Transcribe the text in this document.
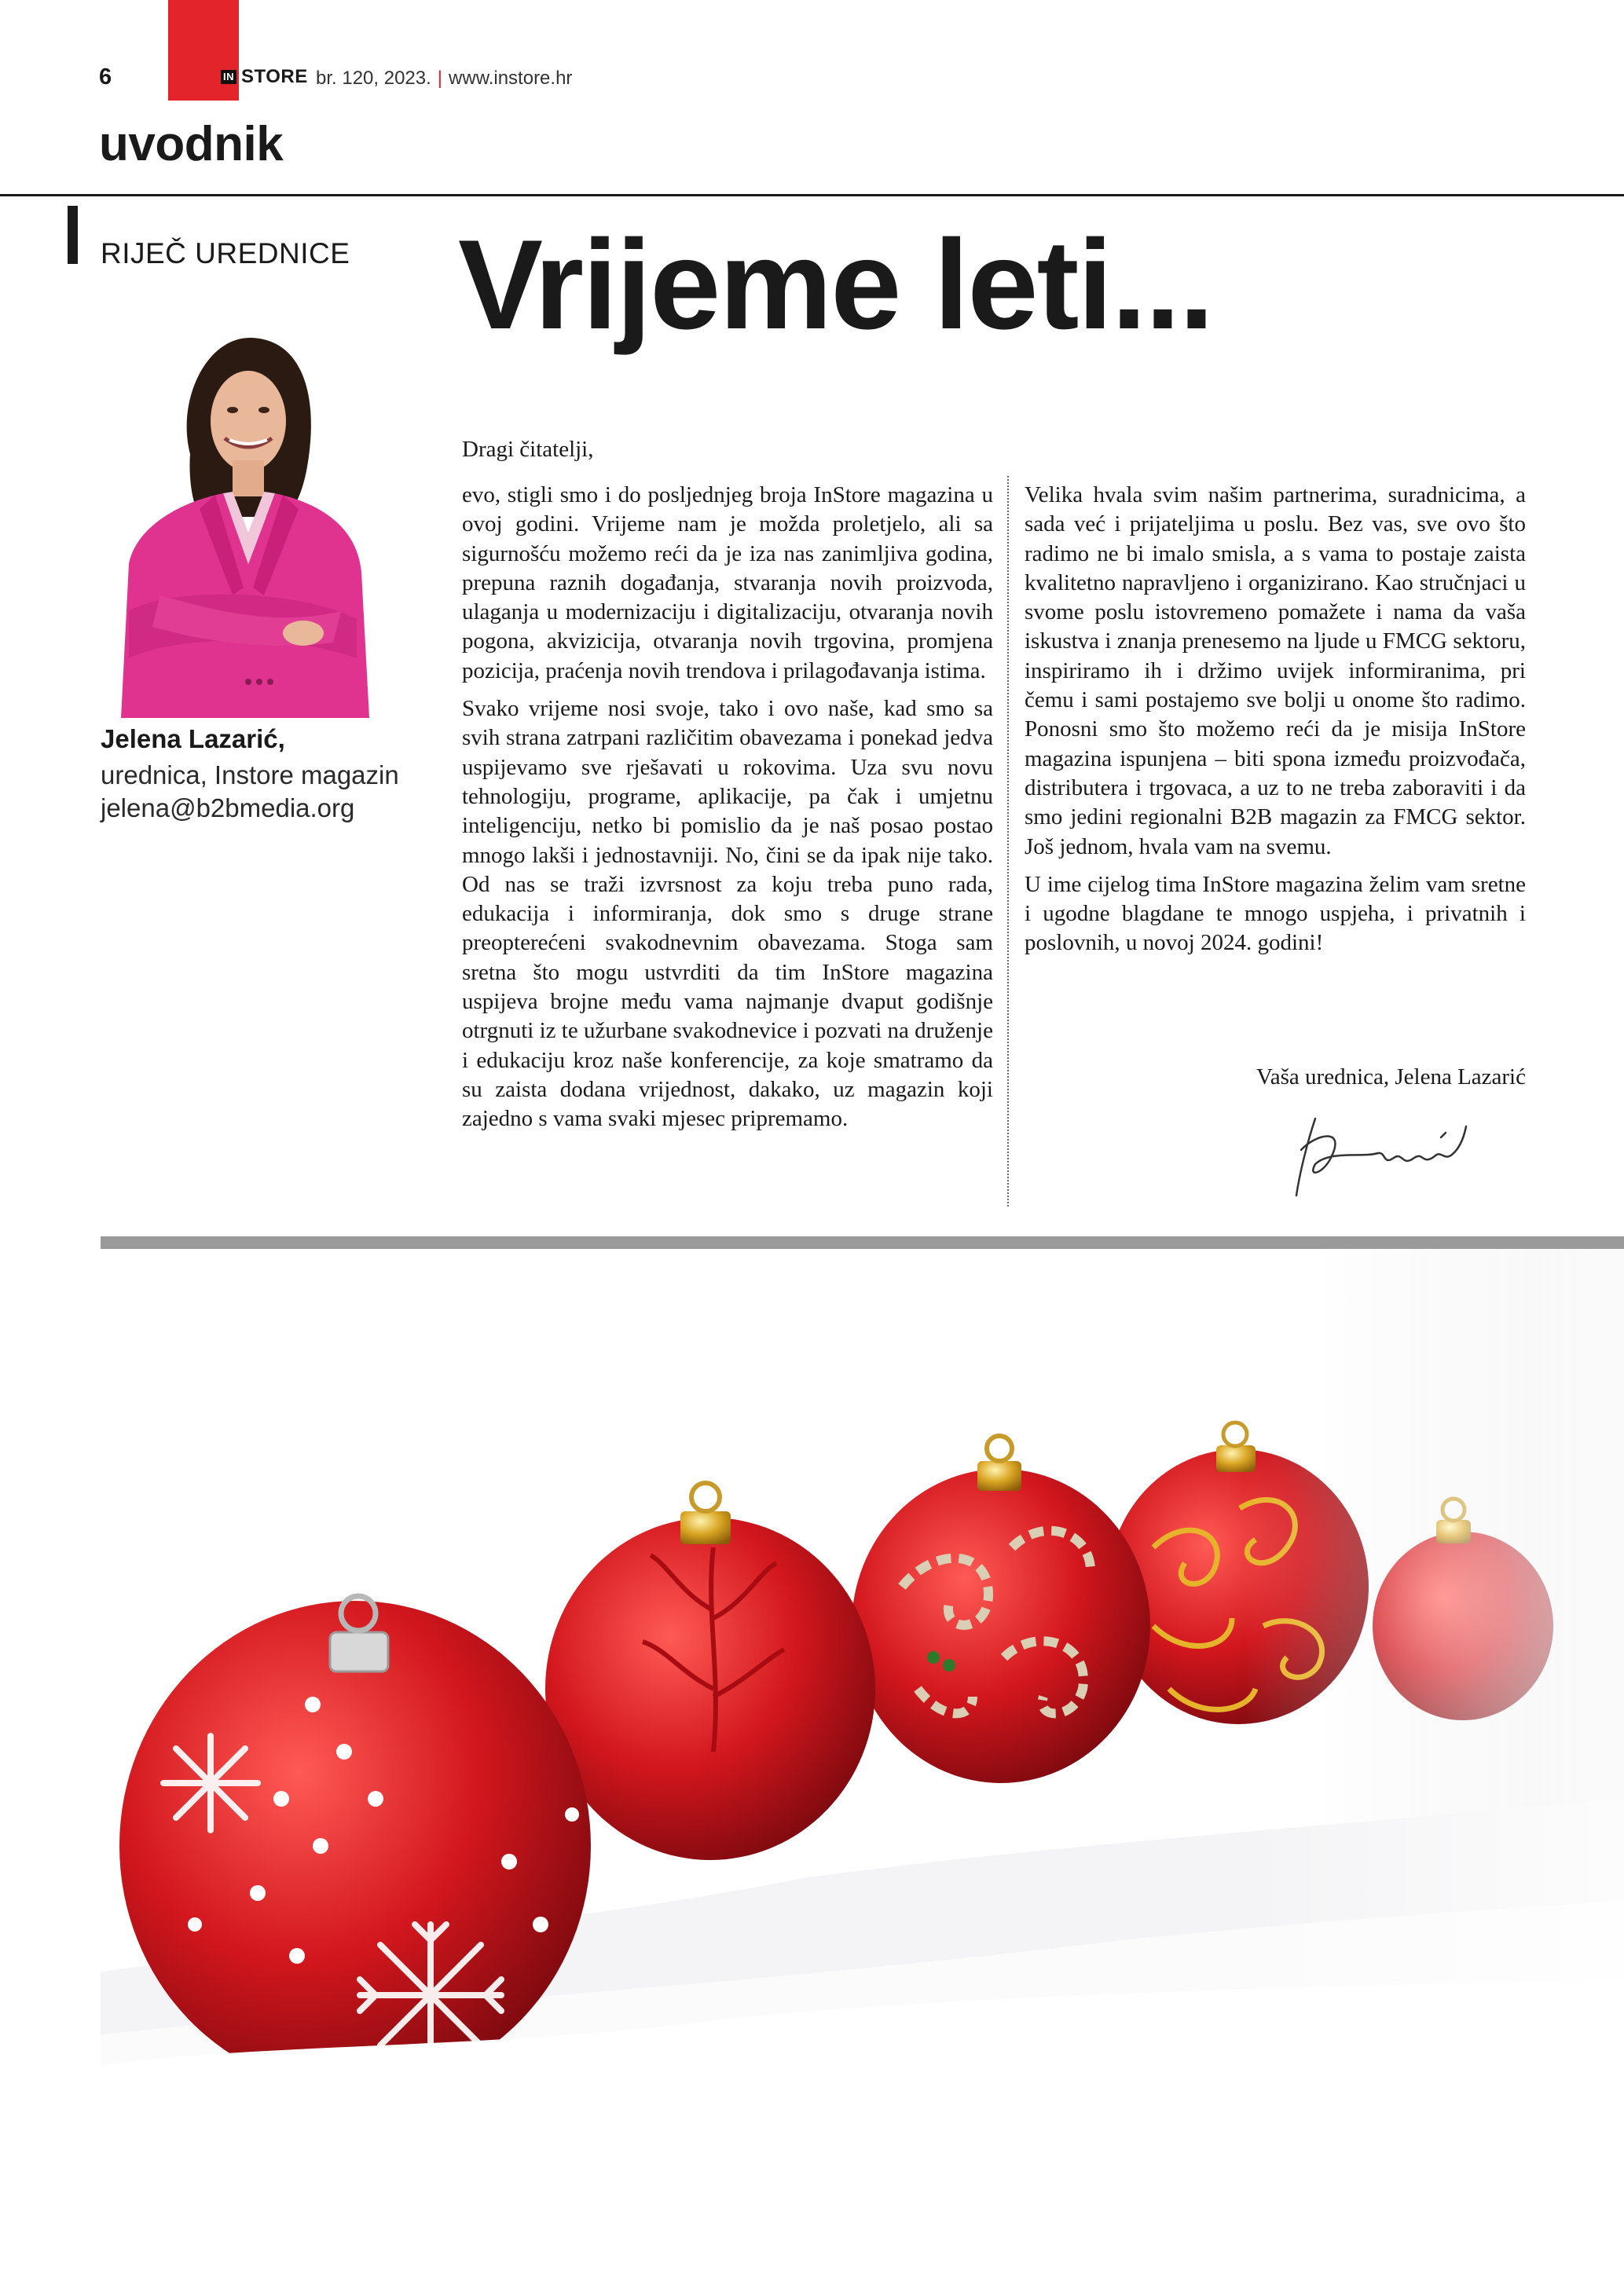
6	IN STORE br. 120, 2023. | www.instore.hr
uvodnik
RIJEČ UREDNICE
Jelena Lazarić,
urednica, Instore magazin
jelena@b2bmedia.org
Vrijeme leti...
Dragi čitatelji,

evo, stigli smo i do posljednjeg broja InStore magazina u ovoj godini. Vrijeme nam je možda proletjelo, ali sa sigurnošću možemo reći da je iza nas zanimljiva godina, prepuna raznih događanja, stvaranja novih proizvoda, ulaganja u modernizaciju i digitalizaciju, otvaranja novih pogona, akvizicija, otvaranja novih trgovina, promjena pozicija, praćenja novih trendova i prilagođavanja istima.

Svako vrijeme nosi svoje, tako i ovo naše, kad smo sa svih strana zatrpani različitim obavezama i ponekad jedva uspijevamo sve rješavati u rokovima. Uza svu novu tehnologiju, programe, aplikacije, pa čak i umjetnu inteligenciju, netko bi pomislio da je naš posao postao mnogo lakši i jednostavniji. No, čini se da ipak nije tako. Od nas se traži izvrsnost za koju treba puno rada, edukacija i informiranja, dok smo s druge strane preopterećeni svakodnevnim obavezama. Stoga sam sretna što mogu ustvrditi da tim InStore magazina uspijeva brojne među vama najmanje dvaput godišnje otrgnuti iz te užurbane svakodnevice i pozvati na druženje i edukaciju kroz naše konferencije, za koje smatramo da su zaista dodana vrijednost, dakako, uz magazin koji zajedno s vama svaki mjesec pripremamo.

Velika hvala svim našim partnerima, suradnicima, a sada već i prijateljima u poslu. Bez vas, sve ovo što radimo ne bi imalo smisla, a s vama to postaje zaista kvalitetno napravljeno i organizirano. Kao stručnjaci u svome poslu istovremeno pomažete i nama da vaša iskustva i znanja prenesemo na ljude u FMCG sektoru, inspiriramo ih i držimo uvijek informiranima, pri čemu i sami postajemo sve bolji u onome što radimo. Ponosni smo što možemo reći da je misija InStore magazina ispunjena – biti spona između proizvođača, distributera i trgovaca, a uz to ne treba zaboraviti i da smo jedini regionalni B2B magazin za FMCG sektor. Još jednom, hvala vam na svemu.

U ime cijelog tima InStore magazina želim vam sretne i ugodne blagdane te mnogo uspjeha, i privatnih i poslovnih, u novoj 2024. godini!

Vaša urednica, Jelena Lazarić
